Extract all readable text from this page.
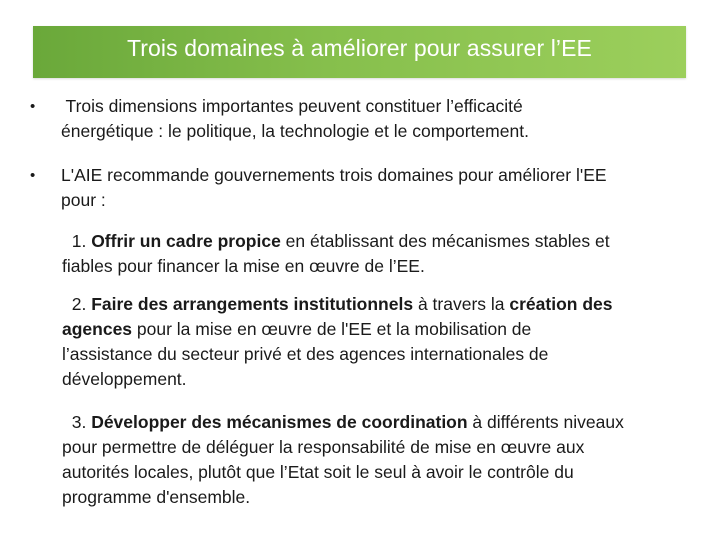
Trois domaines à améliorer pour assurer l’EE
•	Trois dimensions importantes peuvent constituer l’efficacité
énergétique : le politique, la technologie et le comportement.
•	L'AIE recommande gouvernements trois domaines pour améliorer l'EE
pour :
1. Offrir un cadre propice en établissant des mécanismes stables et
fiables pour financer la mise en œuvre de l’EE.
2. Faire des arrangements institutionnels à travers la création des
agences pour la mise en œuvre de l'EE et la mobilisation de
l’assistance du secteur privé et des agences internationales de
développement.
3. Développer des mécanismes de coordination à différents niveaux
pour permettre de déléguer la responsabilité de mise en œuvre aux
autorités locales, plutôt que l’Etat soit le seul à avoir le contrôle du
programme d'ensemble.
